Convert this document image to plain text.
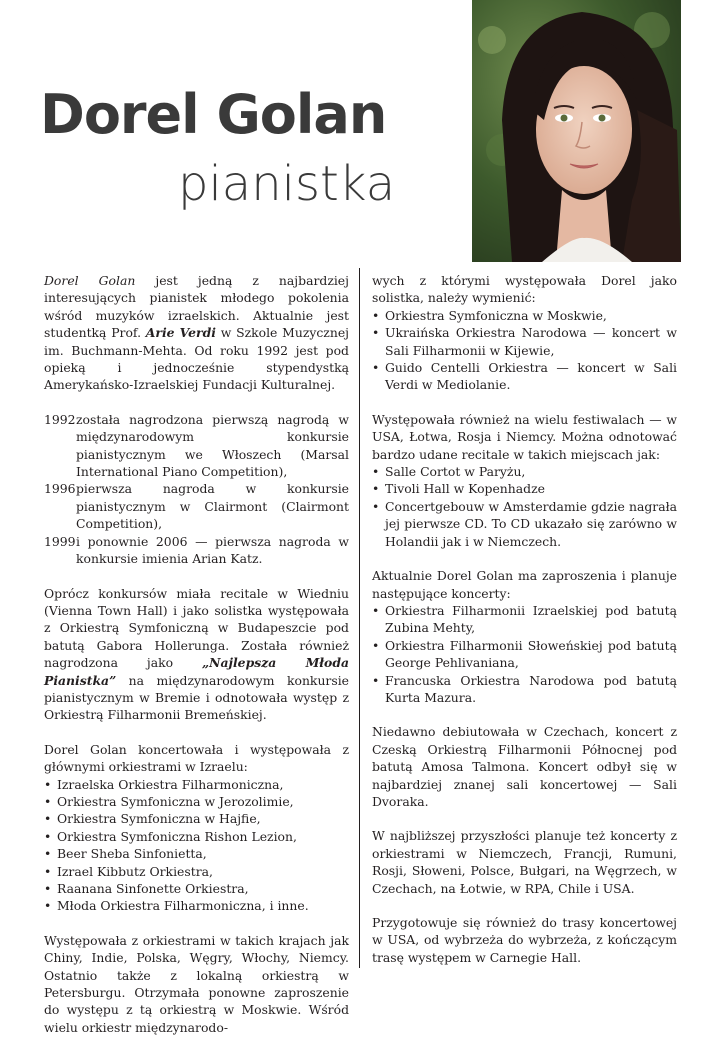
Dorel Golan
pianistka

Dorel Golan jest jedną z najbardziej interesujących pianistek młodego pokolenia wśród muzyków izraelskich. Aktualnie jest studentką Prof. Arie Verdi w Szkole Muzycznej im. Buchmann-Mehta. Od roku 1992 jest pod opieką i jednocześnie stypendystką Amerykańsko-Izraelskiej Fundacji Kulturalnej.

1992 została nagrodzona pierwszą nagrodą w międzynarodowym konkursie pianistycznym we Włoszech (Marsal International Piano Competition),
1996 pierwsza nagroda w konkursie pianistycznym w Clairmont (Clairmont Competition),
1999 i ponownie 2006 — pierwsza nagroda w konkursie imienia Arian Katz.

Oprócz konkursów miała recitale w Wiedniu (Vienna Town Hall) i jako solistka występowała z Orkiestrą Symfoniczną w Budapeszcie pod batutą Gabora Hollerunga. Została również nagrodzona jako „Najlepsza Młoda Pianistka” na międzynarodowym konkursie pianistycznym w Bremie i odnotowała występ z Orkiestrą Filharmonii Bremeńskiej.

Dorel Golan koncertowała i występowała z głównymi orkiestrami w Izraelu:

• Izraelska Orkiestra Filharmoniczna,
• Orkiestra Symfoniczna w Jerozolimie,
• Orkiestra Symfoniczna w Hajfie,
• Orkiestra Symfoniczna Rishon Lezion,
• Beer Sheba Sinfonietta,
• Izrael Kibbutz Orkiestra,
• Raanana Sinfonette Orkiestra,
• Młoda Orkiestra Filharmoniczna, i inne.

Występowała z orkiestrami w takich krajach jak Chiny, Indie, Polska, Węgry, Włochy, Niemcy. Ostatnio także z lokalną orkiestrą w Petersburgu. Otrzymała ponowne zaproszenie do występu z tą orkiestrą w Moskwie. Wśród wielu orkiestr międzynarodo-

wych z którymi występowała Dorel jako solistka, należy wymienić:

• Orkiestra Symfoniczna w Moskwie,
• Ukraińska Orkiestra Narodowa — koncert w Sali Filharmonii w Kijewie,
• Guido Centelli Orkiestra — koncert w Sali Verdi w Mediolanie.

Występowała również na wielu festiwalach — w USA, Łotwa, Rosja i Niemcy. Można odnotować bardzo udane recitale w takich miejscach jak:

• Salle Cortot w Paryżu,
• Tivoli Hall w Kopenhadze
• Concertgebouw w Amsterdamie gdzie nagrała jej pierwsze CD. To CD ukazało się zarówno w Holandii jak i w Niemczech.

Aktualnie Dorel Golan ma zaproszenia i planuje następujące koncerty:

• Orkiestra Filharmonii Izraelskiej pod batutą Zubina Mehty,
• Orkiestra Filharmonii Słoweńskiej pod batutą George Pehlivaniana,
• Francuska Orkiestra Narodowa pod batutą Kurta Mazura.

Niedawno debiutowała w Czechach, koncert z Czeską Orkiestrą Filharmonii Północnej pod batutą Amosa Talmona. Koncert odbył się w najbardziej znanej sali koncertowej — Sali Dvoraka.

W najbliższej przyszłości planuje też koncerty z orkiestrami w Niemczech, Francji, Rumuni, Rosji, Słoweni, Polsce, Bułgari, na Węgrzech, w Czechach, na Łotwie, w RPA, Chile i USA.

Przygotowuje się również do trasy koncertowej w USA, od wybrzeża do wybrzeża, z kończącym trasę występem w Carnegie Hall.
